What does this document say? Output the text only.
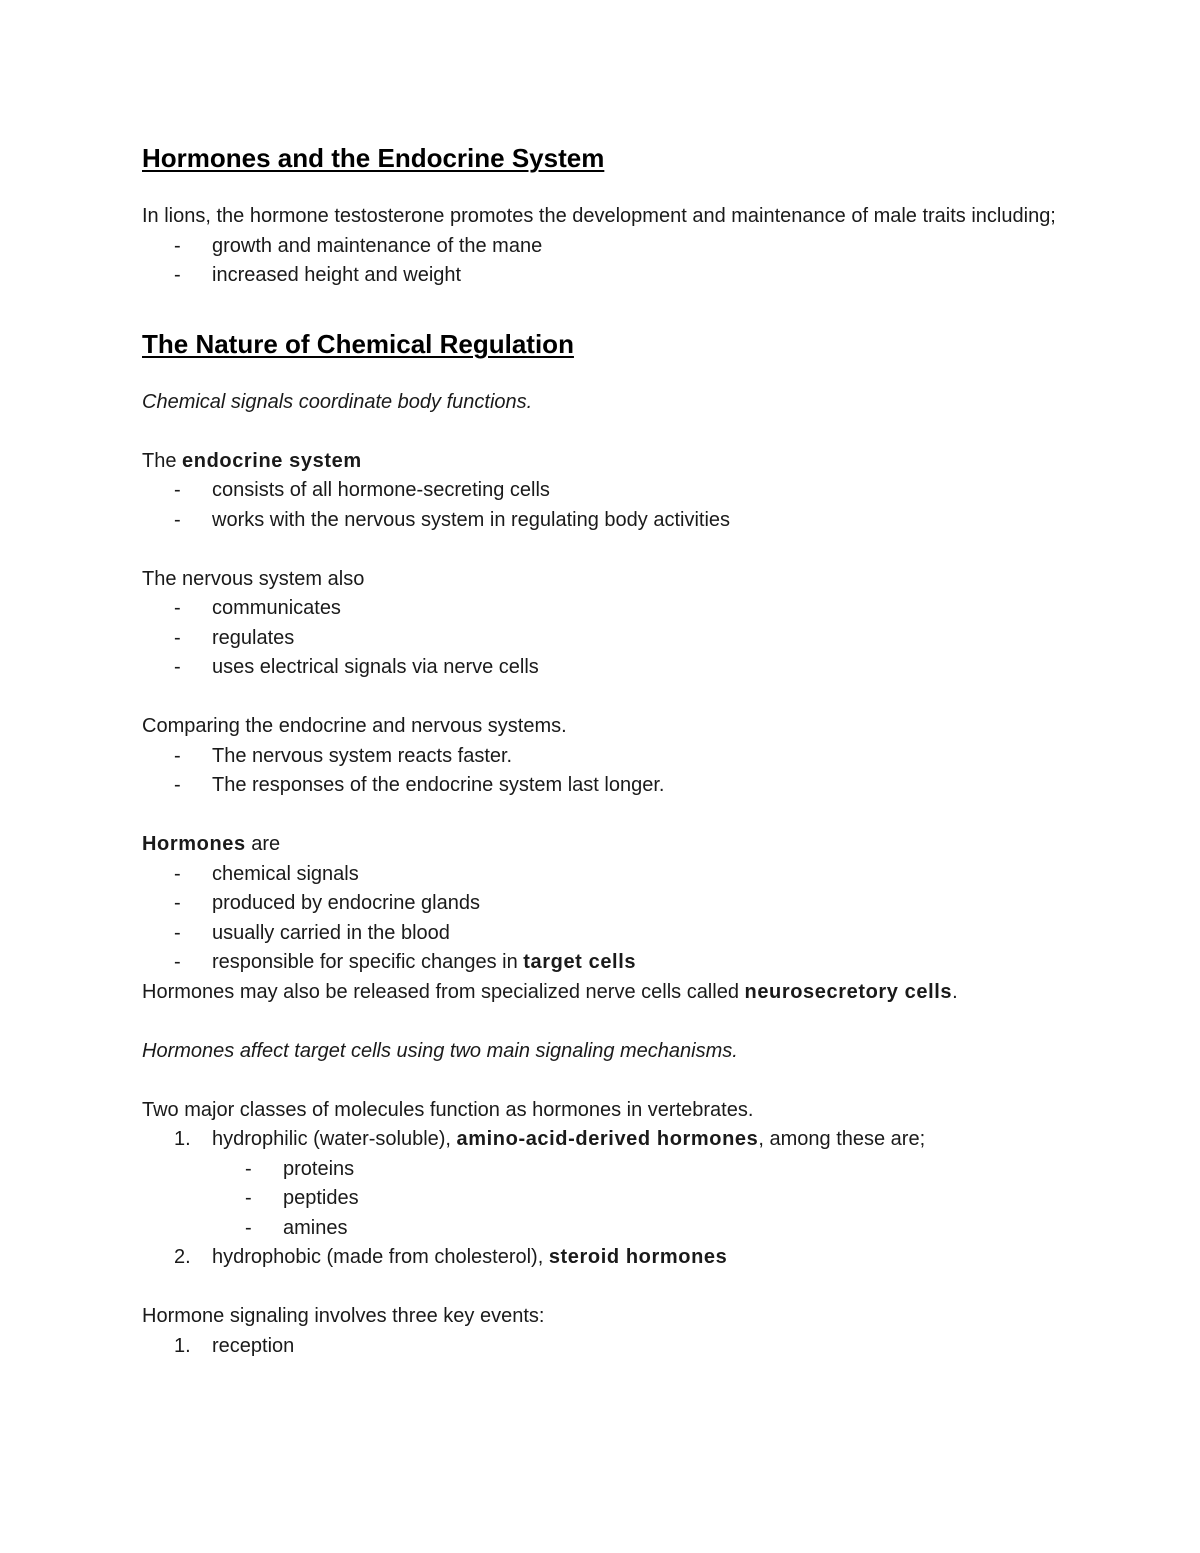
Hormones and the Endocrine System

In lions, the hormone testosterone promotes the development and maintenance of male traits including;

-	growth and maintenance of the mane
-	increased height and weight
The Nature of Chemical Regulation

Chemical signals coordinate body functions.

The endocrine system

-	consists of all hormone-secreting cells
-	works with the nervous system in regulating body activities

The nervous system also

-	communicates
-	regulates
-	uses electrical signals via nerve cells

Comparing the endocrine and nervous systems.

-	The nervous system reacts faster.
-	The responses of the endocrine system last longer.

Hormones are

-	chemical signals
-	produced by endocrine glands
-	usually carried in the blood
-	responsible for specific changes in target cells

Hormones may also be released from specialized nerve cells called neurosecretory cells.

Hormones affect target cells using two main signaling mechanisms.

Two major classes of molecules function as hormones in vertebrates.

1. hydrophilic (water-soluble), amino-acid-derived hormones, among these are;
-	proteins
-	peptides
-	amines
2. hydrophobic (made from cholesterol), steroid hormones

Hormone signaling involves three key events:

1. reception
